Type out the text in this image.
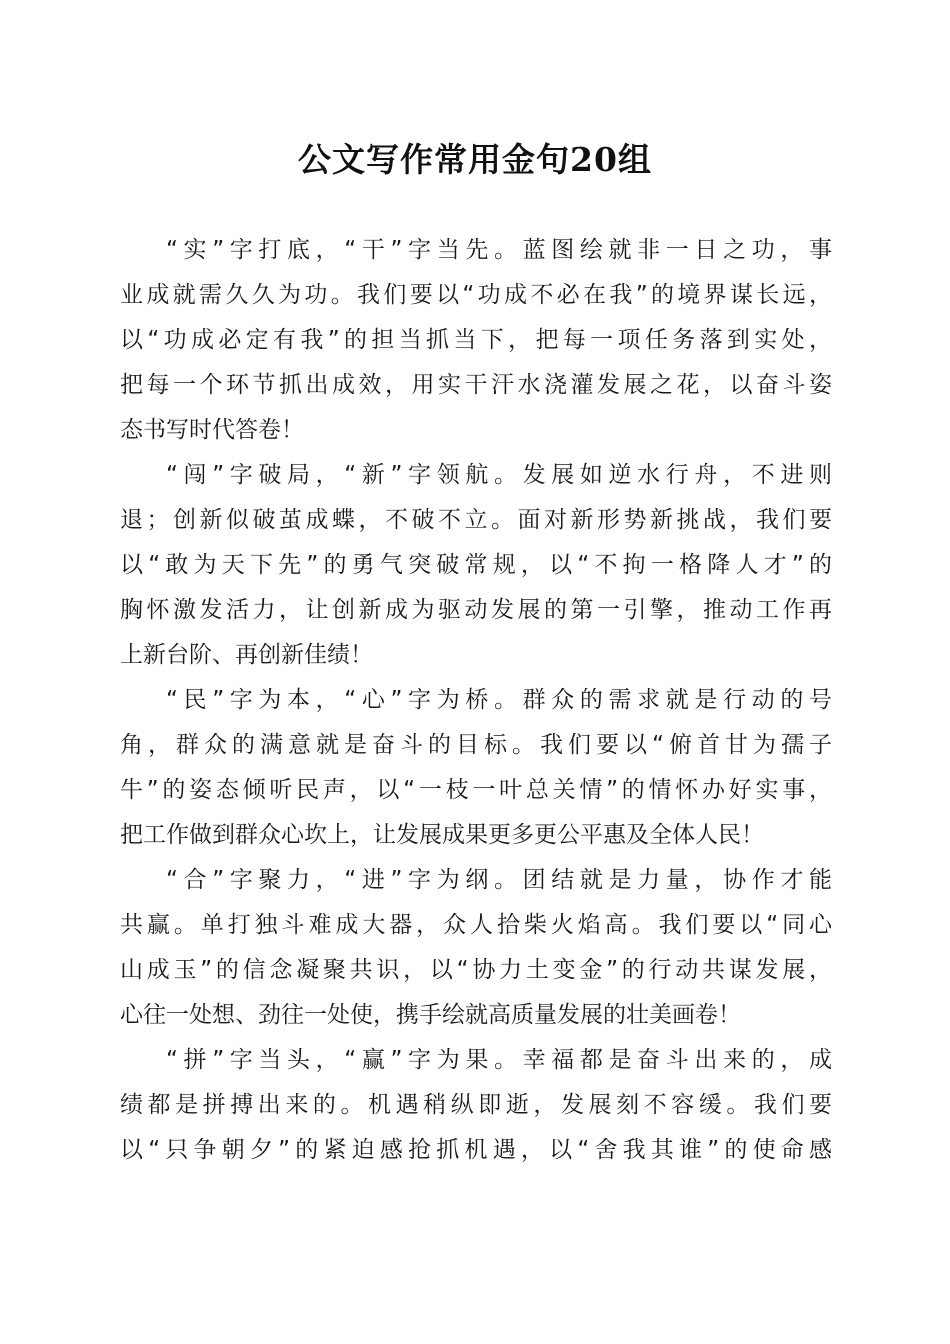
公文写作常用金句20组
“实”字打底，“干”字当先。蓝图绘就非一日之功，事
业成就需久久为功。我们要以“功成不必在我”的境界谋长远，
以“功成必定有我”的担当抓当下，把每一项任务落到实处，
把每一个环节抓出成效，用实干汗水浇灌发展之花，以奋斗姿
态书写时代答卷！
“闯”字破局，“新”字领航。发展如逆水行舟，不进则
退；创新似破茧成蝶，不破不立。面对新形势新挑战，我们要
以“敢为天下先”的勇气突破常规，以“不拘一格降人才”的
胸怀激发活力，让创新成为驱动发展的第一引擎，推动工作再
上新台阶、再创新佳绩！
“民”字为本，“心”字为桥。群众的需求就是行动的号
角，群众的满意就是奋斗的目标。我们要以“俯首甘为孺子
牛”的姿态倾听民声，以“一枝一叶总关情”的情怀办好实事，
把工作做到群众心坎上，让发展成果更多更公平惠及全体人民！
“合”字聚力，“进”字为纲。团结就是力量，协作才能
共赢。单打独斗难成大器，众人拾柴火焰高。我们要以“同心
山成玉”的信念凝聚共识，以“协力土变金”的行动共谋发展，
心往一处想、劲往一处使，携手绘就高质量发展的壮美画卷！
“拼”字当头，“赢”字为果。幸福都是奋斗出来的，成
绩都是拼搏出来的。机遇稍纵即逝，发展刻不容缓。我们要
以“只争朝夕”的紧迫感抢抓机遇，以“舍我其谁”的使命感
